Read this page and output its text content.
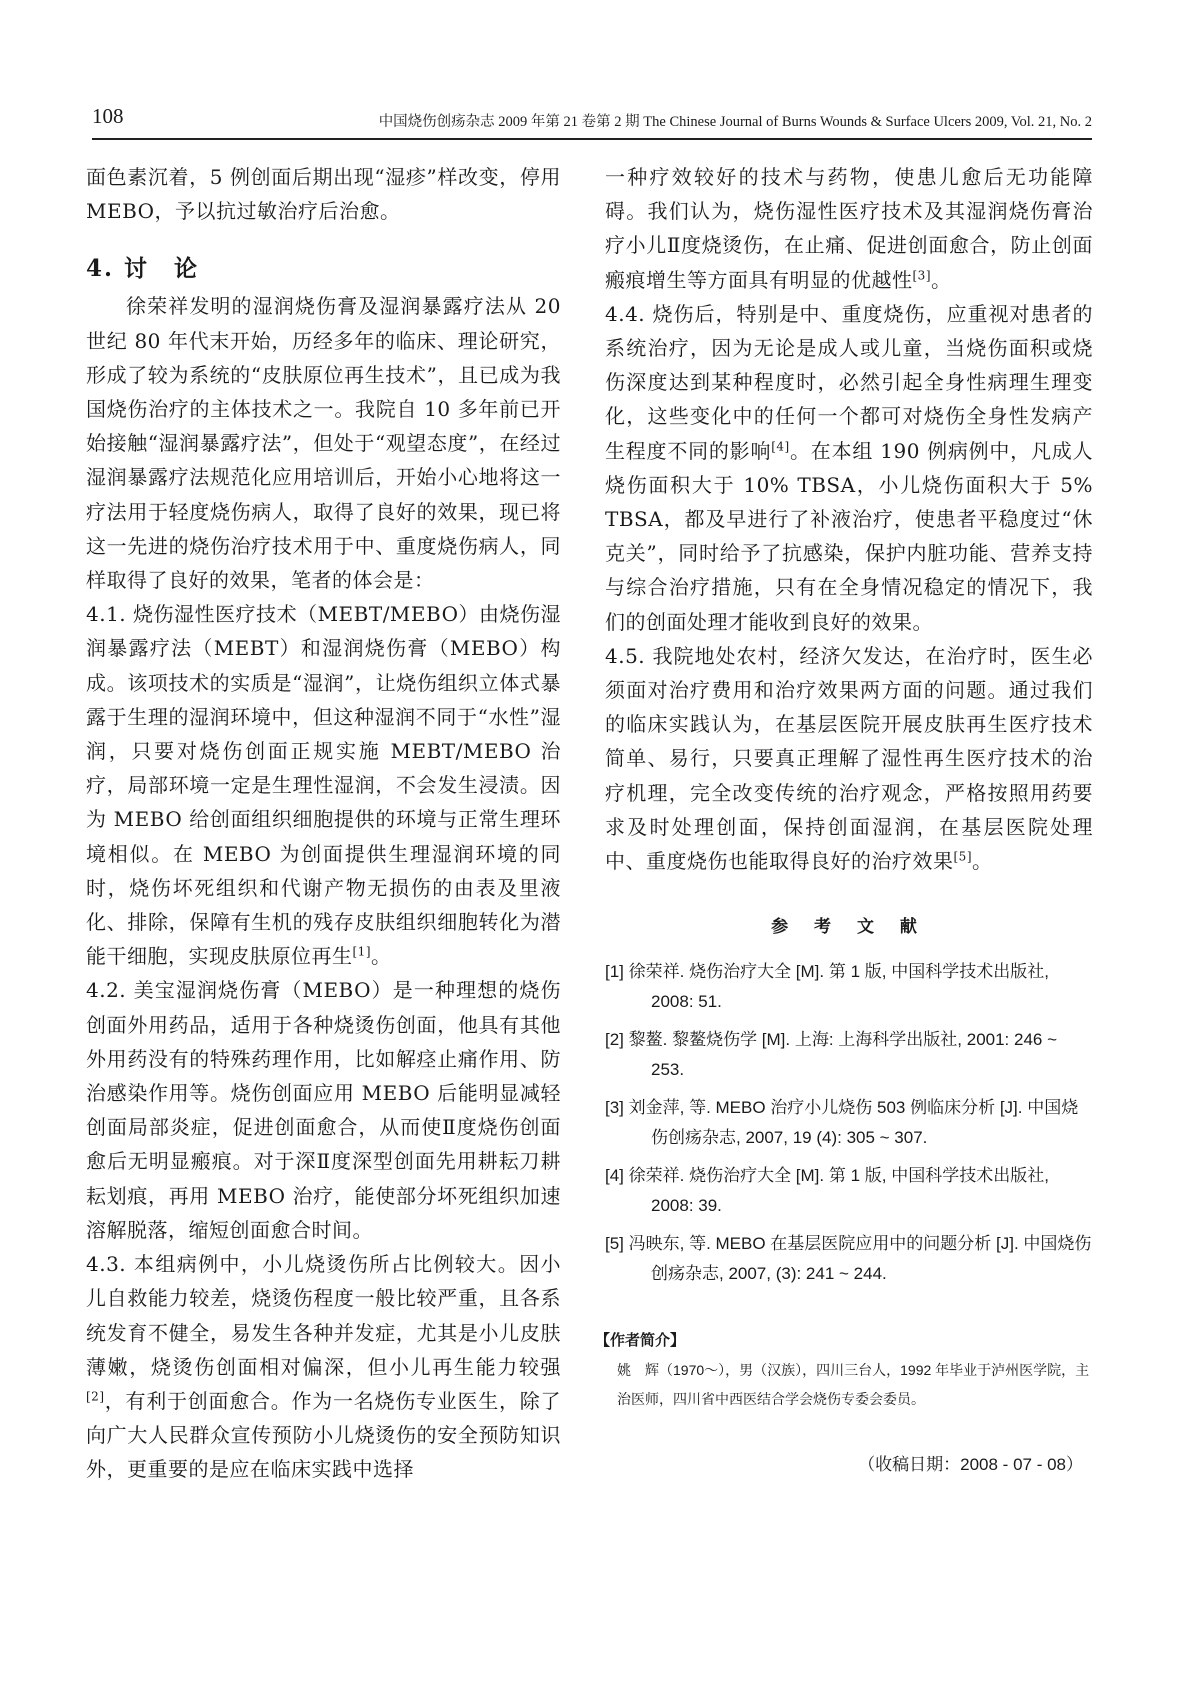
108	中国烧伤创疡杂志 2009 年第 21 卷第 2 期 The Chinese Journal of Burns Wounds & Surface Ulcers 2009, Vol. 21, No. 2

面色素沉着，5 例创面后期出现“湿疹”样改变，停用 MEBO，予以抗过敏治疗后治愈。

4. 讨　论

徐荣祥发明的湿润烧伤膏及湿润暴露疗法从 20 世纪 80 年代末开始，历经多年的临床、理论研究，形成了较为系统的“皮肤原位再生技术”，且已成为我国烧伤治疗的主体技术之一。我院自 10 多年前已开始接触“湿润暴露疗法”，但处于“观望态度”，在经过湿润暴露疗法规范化应用培训后，开始小心地将这一疗法用于轻度烧伤病人，取得了良好的效果，现已将这一先进的烧伤治疗技术用于中、重度烧伤病人，同样取得了良好的效果，笔者的体会是：

4.1. 烧伤湿性医疗技术（MEBT/MEBO）由烧伤湿润暴露疗法（MEBT）和湿润烧伤膏（MEBO）构成。该项技术的实质是“湿润”，让烧伤组织立体式暴露于生理的湿润环境中，但这种湿润不同于“水性”湿润，只要对烧伤创面正规实施 MEBT/MEBO 治疗，局部环境一定是生理性湿润，不会发生浸渍。因为 MEBO 给创面组织细胞提供的环境与正常生理环境相似。在 MEBO 为创面提供生理湿润环境的同时，烧伤坏死组织和代谢产物无损伤的由表及里液化、排除，保障有生机的残存皮肤组织细胞转化为潜能干细胞，实现皮肤原位再生[1]。

4.2. 美宝湿润烧伤膏（MEBO）是一种理想的烧伤创面外用药品，适用于各种烧烫伤创面，他具有其他外用药没有的特殊药理作用，比如解痉止痛作用、防治感染作用等。烧伤创面应用 MEBO 后能明显减轻创面局部炎症，促进创面愈合，从而使Ⅱ度烧伤创面愈后无明显瘢痕。对于深Ⅱ度深型创面先用耕耘刀耕耘划痕，再用 MEBO 治疗，能使部分坏死组织加速溶解脱落，缩短创面愈合时间。

4.3. 本组病例中，小儿烧烫伤所占比例较大。因小儿自救能力较差，烧烫伤程度一般比较严重，且各系统发育不健全，易发生各种并发症，尤其是小儿皮肤薄嫩，烧烫伤创面相对偏深，但小儿再生能力较强[2]，有利于创面愈合。作为一名烧伤专业医生，除了向广大人民群众宣传预防小儿烧烫伤的安全预防知识外，更重要的是应在临床实践中选择

一种疗效较好的技术与药物，使患儿愈后无功能障碍。我们认为，烧伤湿性医疗技术及其湿润烧伤膏治疗小儿Ⅱ度烧烫伤，在止痛、促进创面愈合，防止创面瘢痕增生等方面具有明显的优越性[3]。

4.4. 烧伤后，特别是中、重度烧伤，应重视对患者的系统治疗，因为无论是成人或儿童，当烧伤面积或烧伤深度达到某种程度时，必然引起全身性病理生理变化，这些变化中的任何一个都可对烧伤全身性发病产生程度不同的影响[4]。在本组 190 例病例中，凡成人烧伤面积大于 10% TBSA，小儿烧伤面积大于 5% TBSA，都及早进行了补液治疗，使患者平稳度过“休克关”，同时给予了抗感染，保护内脏功能、营养支持与综合治疗措施，只有在全身情况稳定的情况下，我们的创面处理才能收到良好的效果。

4.5. 我院地处农村，经济欠发达，在治疗时，医生必须面对治疗费用和治疗效果两方面的问题。通过我们的临床实践认为，在基层医院开展皮肤再生医疗技术简单、易行，只要真正理解了湿性再生医疗技术的治疗机理，完全改变传统的治疗观念，严格按照用药要求及时处理创面，保持创面湿润，在基层医院处理中、重度烧伤也能取得良好的治疗效果[5]。

参 考 文 献
[1] 徐荣祥. 烧伤治疗大全 [M]. 第 1 版, 中国科学技术出版社, 2008: 51.
[2] 黎鳌. 黎鳌烧伤学 [M]. 上海: 上海科学出版社, 2001: 246 ~ 253.
[3] 刘金萍, 等. MEBO 治疗小儿烧伤 503 例临床分析 [J]. 中国烧伤创疡杂志, 2007, 19 (4): 305 ~ 307.
[4] 徐荣祥. 烧伤治疗大全 [M]. 第 1 版, 中国科学技术出版社, 2008: 39.
[5] 冯映东, 等. MEBO 在基层医院应用中的问题分析 [J]. 中国烧伤创疡杂志, 2007, (3): 241 ~ 244.
【作者简介】
姚　辉（1970～），男（汉族），四川三台人，1992 年毕业于泸州医学院，主治医师，四川省中西医结合学会烧伤专委会委员。
（收稿日期：2008 - 07 - 08）
